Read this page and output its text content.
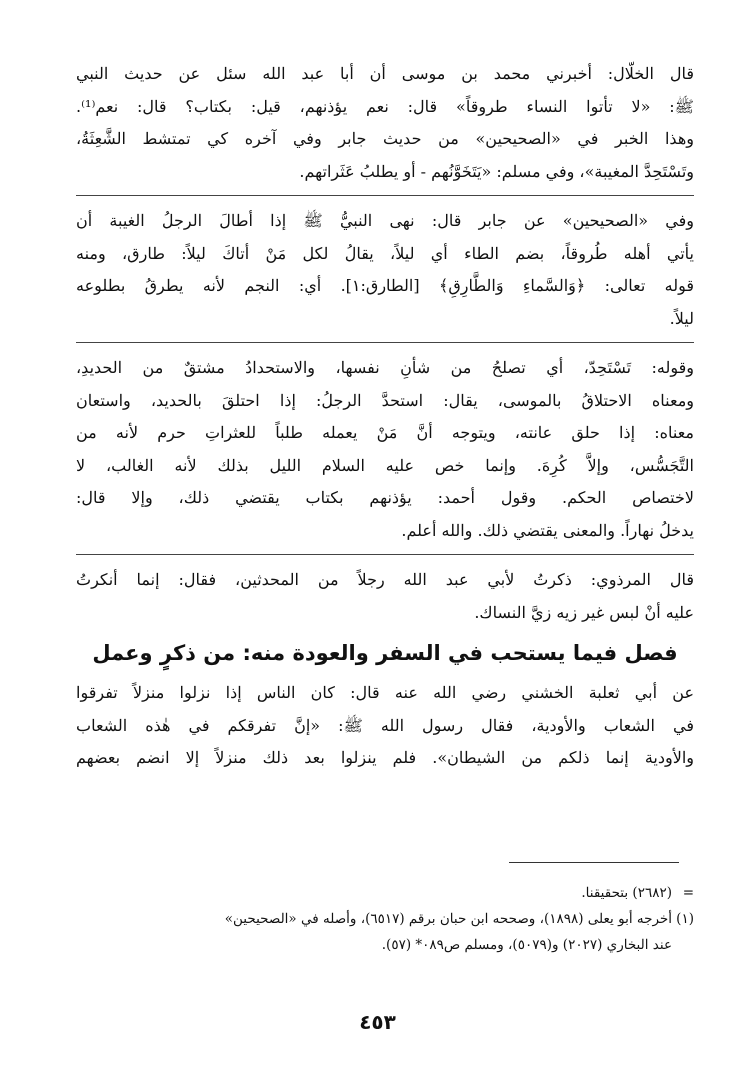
قال الخلّال: أخبرني محمد بن موسى أن أبا عبد الله سئل عن حديث النبي
ﷺ: «لا تأتوا النساء طروقاً» قال: نعم يؤذنهم، قيل: بكتاب؟ قال: نعم⁽¹⁾.
وهذا الخبر في «الصحيحين» من حديث جابر وفي آخره كي تمتشط الشَّعِثَةُ،
وتَسْتَحِدَّ المغيبة»، وفي مسلم: «يَتَخَوَّنُهم - أو يطلبُ عَثَراتهم.

وفي «الصحيحين» عن جابر قال: نهى النبيُّ ﷺ إذا أطالَ الرجلُ الغيبة أن
يأتي أهله طُروقاً، بضم الطاء أي ليلاً، يقالُ لكل مَنْ أتاكَ ليلاً: طارق، ومنه
قوله تعالى: ﴿وَالسَّماءِ وَالطَّارِقِ﴾ [الطارق:١]. أي: النجم لأنه يطرقُ بطلوعه
ليلاً.

وقوله: تَسْتَحِدّ، أي تصلحُ من شأنِ نفسها، والاستحدادُ مشتقٌ من الحديدِ،
ومعناه الاحتلاقُ بالموسى، يقال: استحدَّ الرجلُ: إذا احتلقَ بالحديد، واستعان
معناه: إذا حلق عانته، ويتوجه أنَّ مَنْ يعمله طلباً للعثراتِ حرم لأنه من
التَّجَسُّس، وإلاَّ كُرِهَ. وإنما خص عليه السلام الليل بذلك لأنه الغالب، لا
لاختصاص الحكم. وقول أحمد: يؤذنهم بكتاب يقتضي ذلك، وإلا قال:
يدخلُ نهاراً. والمعنى يقتضي ذلك. والله أعلم.

قال المرذوي: ذكرتُ لأبي عبد الله رجلاً من المحدثين، فقال: إنما أنكرتُ
عليه أنْ لبس غير زيه زيَّ النساك.

فصل فيما يستحب في السفر والعودة منه: من ذكرٍ وعمل

عن أبي ثعلبة الخشني رضي الله عنه قال: كان الناس إذا نزلوا منزلاً تفرقوا
في الشعاب والأودية، فقال رسول الله ﷺ: «إنَّ تفرقكم في هٰذه الشعاب
والأودية إنما ذلكم من الشيطان». فلم ينزلوا بعد ذلك منزلاً إلا انضم بعضهم

=(٢٦٨٢) بتحقيقنا.
(١)أخرجه أبو يعلى (١٨٩٨)، وصححه ابن حبان برقم (٦٥١٧)، وأصله في «الصحيحين»
عند البخاري (٢٠٢٧) و(٥٠٧٩)، ومسلم ص٠٨٩* (٥٧).
٤٥٣
